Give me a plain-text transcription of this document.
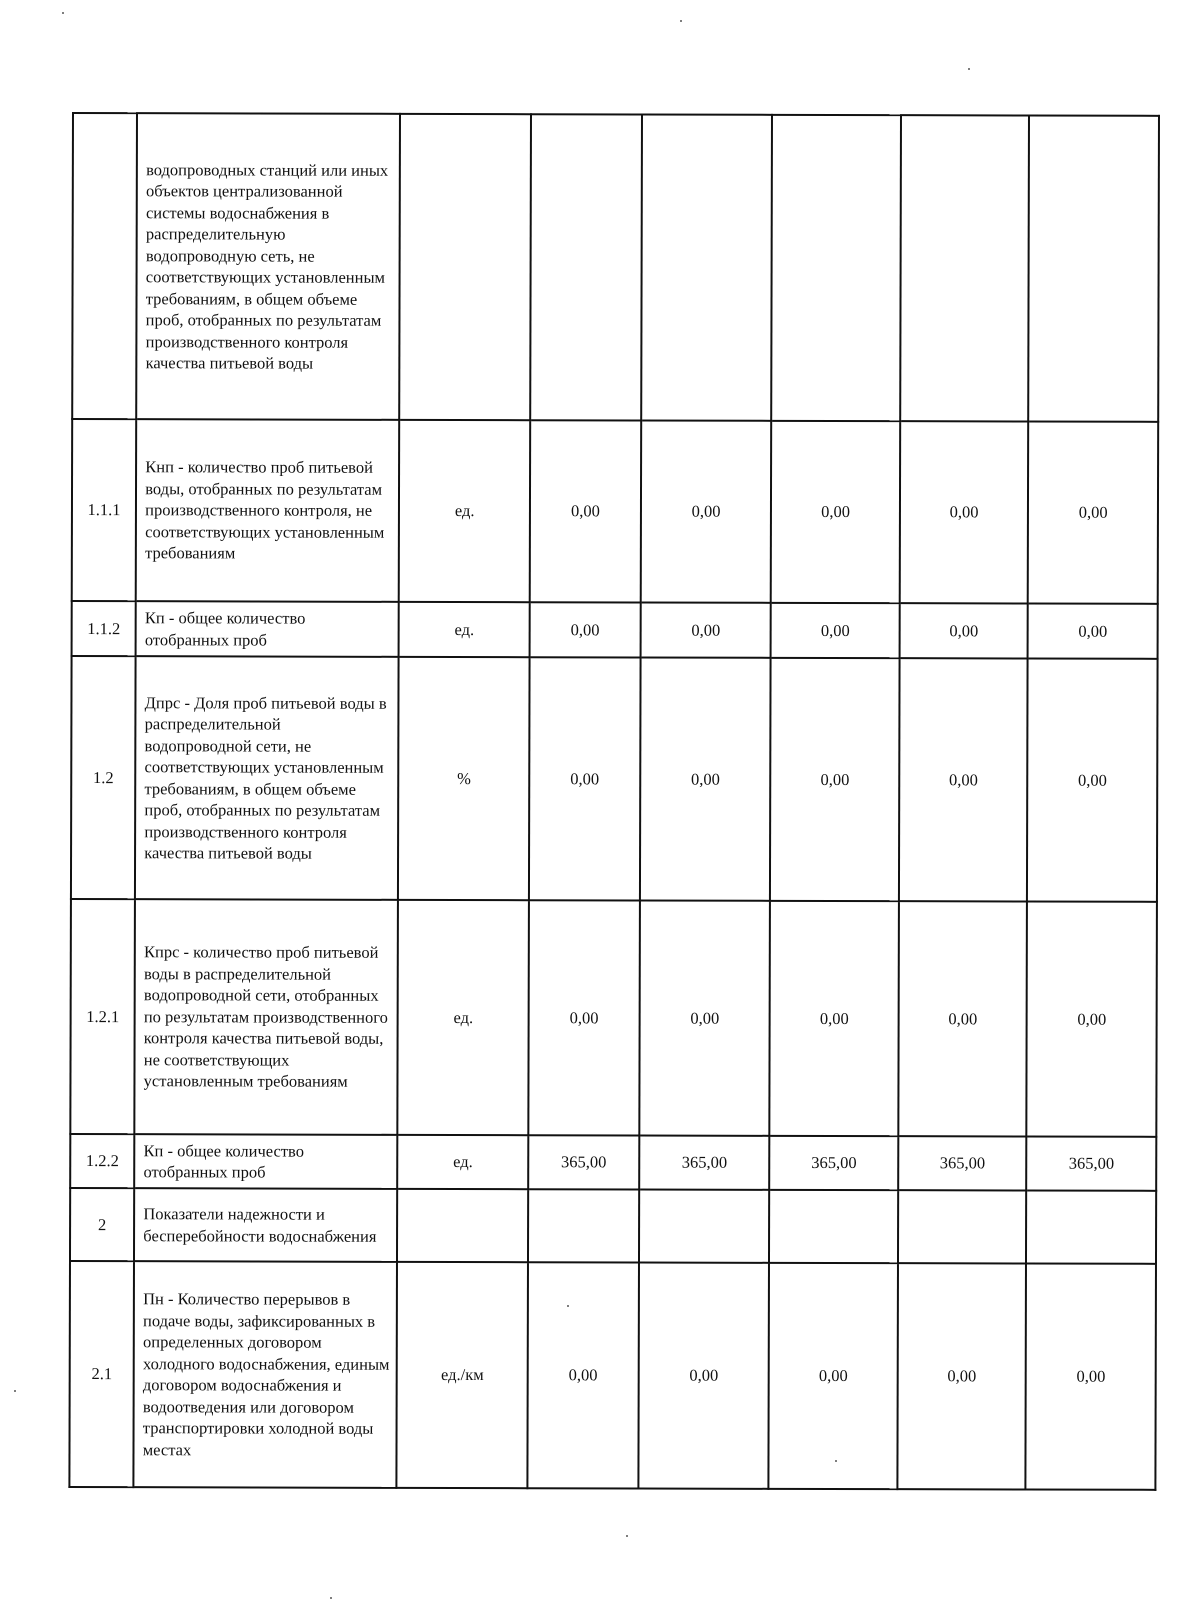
	водопроводных станций или иных объектов централизованной системы водоснабжения в распределительную водопроводную сеть, не соответствующих установленным требованиям, в общем объеме проб, отобранных по результатам производственного контроля качества питьевой воды						
1.1.1	Кнп - количество проб питьевой воды, отобранных по результатам производственного контроля, не соответствующих установленным требованиям	ед.	0,00	0,00	0,00	0,00	0,00
1.1.2	Кп - общее количество отобранных проб	ед.	0,00	0,00	0,00	0,00	0,00
1.2	Дпрс - Доля проб питьевой воды в распределительной водопроводной сети, не соответствующих установленным требованиям, в общем объеме проб, отобранных по результатам производственного контроля качества питьевой воды	%	0,00	0,00	0,00	0,00	0,00
1.2.1	Кпрс - количество проб питьевой воды в распределительной водопроводной сети, отобранных по результатам производственного контроля качества питьевой воды, не соответствующих установленным требованиям	ед.	0,00	0,00	0,00	0,00	0,00
1.2.2	Кп - общее количество отобранных проб	ед.	365,00	365,00	365,00	365,00	365,00
2	Показатели надежности и бесперебойности водоснабжения						
2.1	Пн - Количество перерывов в подаче воды, зафиксированных в определенных договором холодного водоснабжения, единым договором водоснабжения и водоотведения или договором транспортировки холодной воды местах	ед./км	0,00	0,00	0,00	0,00	0,00
